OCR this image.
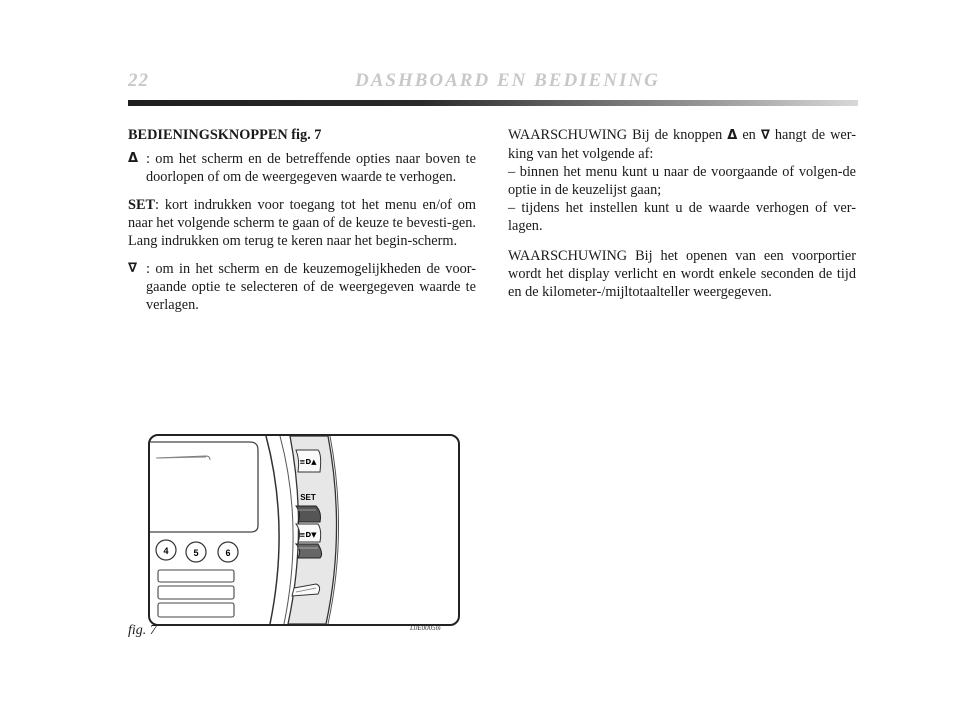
22	DASHBOARD EN BEDIENING

BEDIENINGSKNOPPEN fig. 7

Δ : om het scherm en de betreffende opties naar boven te doorlopen of om de weergegeven waarde te verhogen.

SET: kort indrukken voor toegang tot het menu en/of om naar het volgende scherm te gaan of de keuze te bevesti-gen. Lang indrukken om terug te keren naar het begin-scherm.

∇ : om in het scherm en de keuzemogelijkheden de voor-gaande optie te selecteren of de weergegeven waarde te verlagen.

WAARSCHUWING Bij de knoppen Δ en ∇ hangt de wer-king van het volgende af:

– binnen het menu kunt u naar de voorgaande of volgen-de optie in de keuzelijst gaan;

– tijdens het instellen kunt u de waarde verhogen of ver-lagen.

WAARSCHUWING Bij het openen van een voorportier wordt het display verlicht en wordt enkele seconden de tijd en de kilometer-/mijltotaalteller weergegeven.

4	5	6
≡D▲
SET
≡D▼
fig. 7	L0E0005m
